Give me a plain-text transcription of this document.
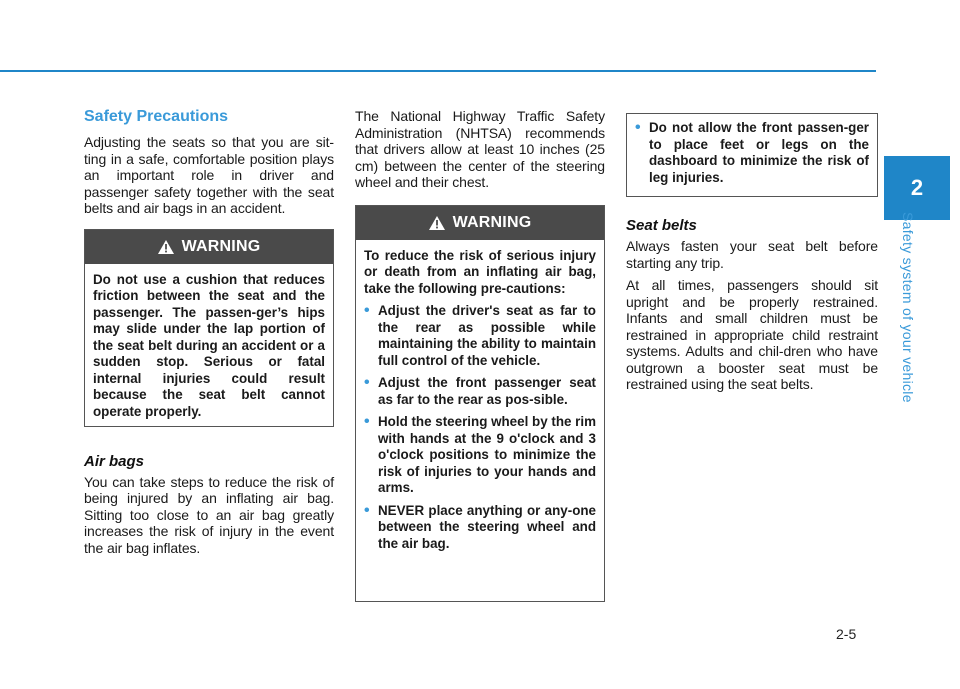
Safety Precautions

Adjusting the seats so that you are sit-ting in a safe, comfortable position plays an important role in driver and passenger safety together with the seat belts and air bags in an accident.

WARNING

Do not use a cushion that reduces friction between the seat and the passenger. The passen-ger’s hips may slide under the lap portion of the seat belt during an accident or a sudden stop. Serious or fatal internal injuries could result because the seat belt cannot operate properly.

Air bags

You can take steps to reduce the risk of being injured by an inflating air bag. Sitting too close to an air bag greatly increases the risk of injury in the event the air bag inflates.

The National Highway Traffic Safety Administration (NHTSA) recommends that drivers allow at least 10 inches (25 cm) between the center of the steering wheel and their chest.

WARNING

To reduce the risk of serious injury or death from an inflating air bag, take the following pre-cautions:

• Adjust the driver's seat as far to the rear as possible while maintaining the ability to maintain full control of the vehicle.
• Adjust the front passenger seat as far to the rear as pos-sible.
• Hold the steering wheel by the rim with hands at the 9 o'clock and 3 o'clock positions to minimize the risk of injuries to your hands and arms.
• NEVER place anything or any-one between the steering wheel and the air bag.
• Do not allow the front passen-ger to place feet or legs on the dashboard to minimize the risk of leg injuries.
Seat belts

Always fasten your seat belt before starting any trip.

At all times, passengers should sit upright and be properly restrained. Infants and small children must be restrained in appropriate child restraint systems. Adults and chil-dren who have outgrown a booster seat must be restrained using the seat belts.

2
Safety system of your vehicle
2-5
